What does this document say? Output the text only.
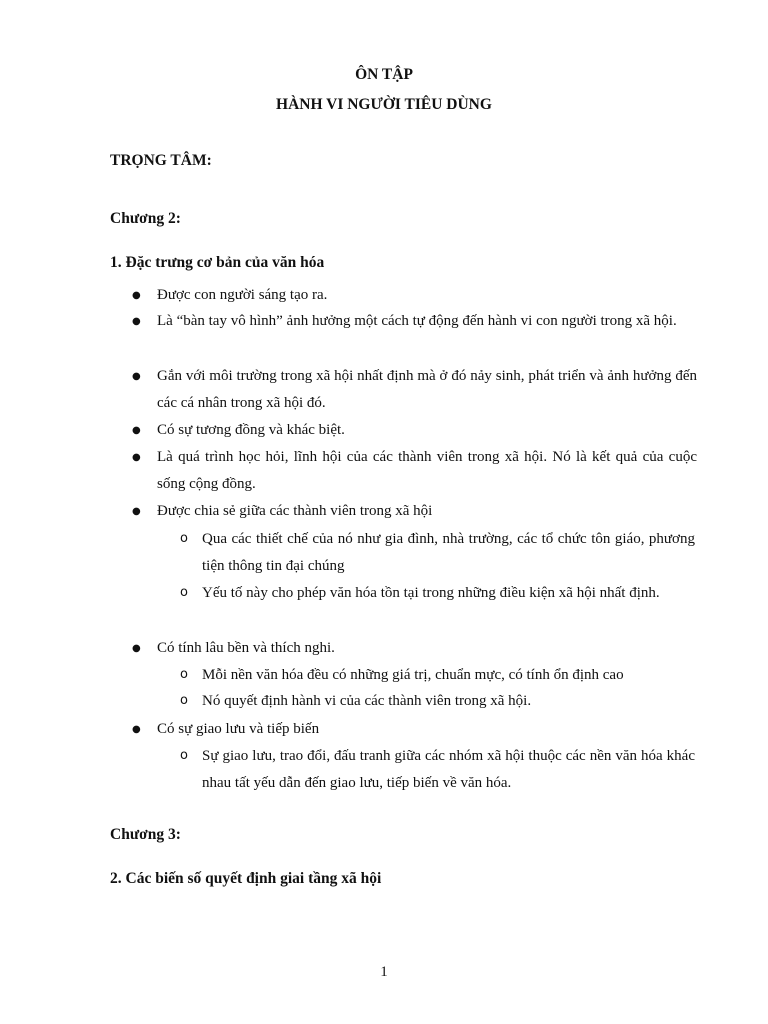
ÔN TẬP
HÀNH VI NGƯỜI TIÊU DÙNG
TRỌNG TÂM:
Chương 2:
1. Đặc trưng cơ bản của văn hóa
● Được con người sáng tạo ra.
● Là “bàn tay vô hình” ảnh hưởng một cách tự động đến hành vi con người trong xã hội.
● Gắn với môi trường trong xã hội nhất định mà ở đó nảy sinh, phát triển và ảnh hưởng đến các cá nhân trong xã hội đó.
● Có sự tương đồng và khác biệt.
● Là quá trình học hỏi, lĩnh hội của các thành viên trong xã hội. Nó là kết quả của cuộc sống cộng đồng.
● Được chia sẻ giữa các thành viên trong xã hội
o Qua các thiết chế của nó như gia đình, nhà trường, các tổ chức tôn giáo, phương tiện thông tin đại chúng
o Yếu tố này cho phép văn hóa tồn tại trong những điều kiện xã hội nhất định.
● Có tính lâu bền và thích nghi.
o Mỗi nền văn hóa đều có những giá trị, chuẩn mực, có tính ổn định cao
o Nó quyết định hành vi của các thành viên trong xã hội.
● Có sự giao lưu và tiếp biến
o Sự giao lưu, trao đổi, đấu tranh giữa các nhóm xã hội thuộc các nền văn hóa khác nhau tất yếu dẫn đến giao lưu, tiếp biến về văn hóa.
Chương 3:
2. Các biến số quyết định giai tầng xã hội
1
